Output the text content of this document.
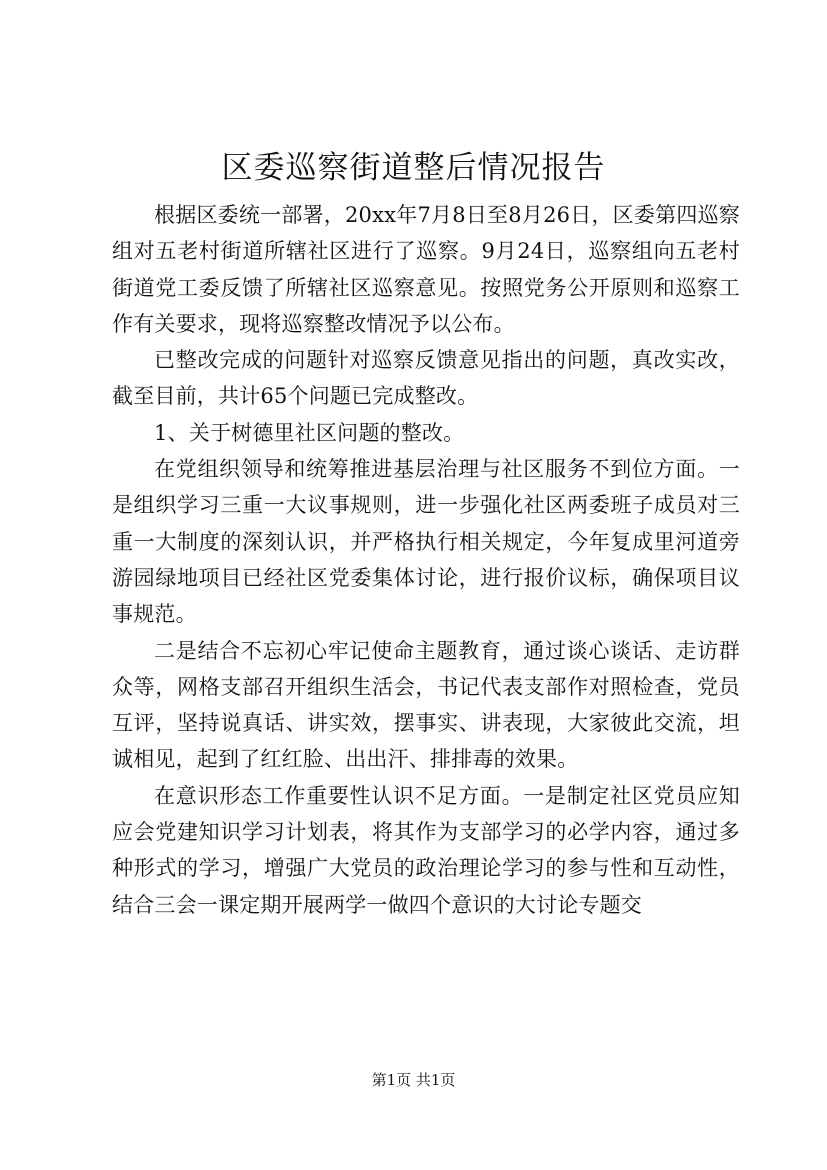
区委巡察街道整后情况报告

根据区委统一部署，20xx年7月8日至8月26日，区委第四巡察组对五老村街道所辖社区进行了巡察。9月24日，巡察组向五老村街道党工委反馈了所辖社区巡察意见。按照党务公开原则和巡察工作有关要求，现将巡察整改情况予以公布。

已整改完成的问题针对巡察反馈意见指出的问题，真改实改，截至目前，共计65个问题已完成整改。

1、关于树德里社区问题的整改。

在党组织领导和统筹推进基层治理与社区服务不到位方面。一是组织学习三重一大议事规则，进一步强化社区两委班子成员对三重一大制度的深刻认识，并严格执行相关规定，今年复成里河道旁游园绿地项目已经社区党委集体讨论，进行报价议标，确保项目议事规范。

二是结合不忘初心牢记使命主题教育，通过谈心谈话、走访群众等，网格支部召开组织生活会，书记代表支部作对照检查，党员互评，坚持说真话、讲实效，摆事实、讲表现，大家彼此交流，坦诚相见，起到了红红脸、出出汗、排排毒的效果。

在意识形态工作重要性认识不足方面。一是制定社区党员应知应会党建知识学习计划表，将其作为支部学习的必学内容，通过多种形式的学习，增强广大党员的政治理论学习的参与性和互动性，结合三会一课定期开展两学一做四个意识的大讨论专题交

第1页 共1页
